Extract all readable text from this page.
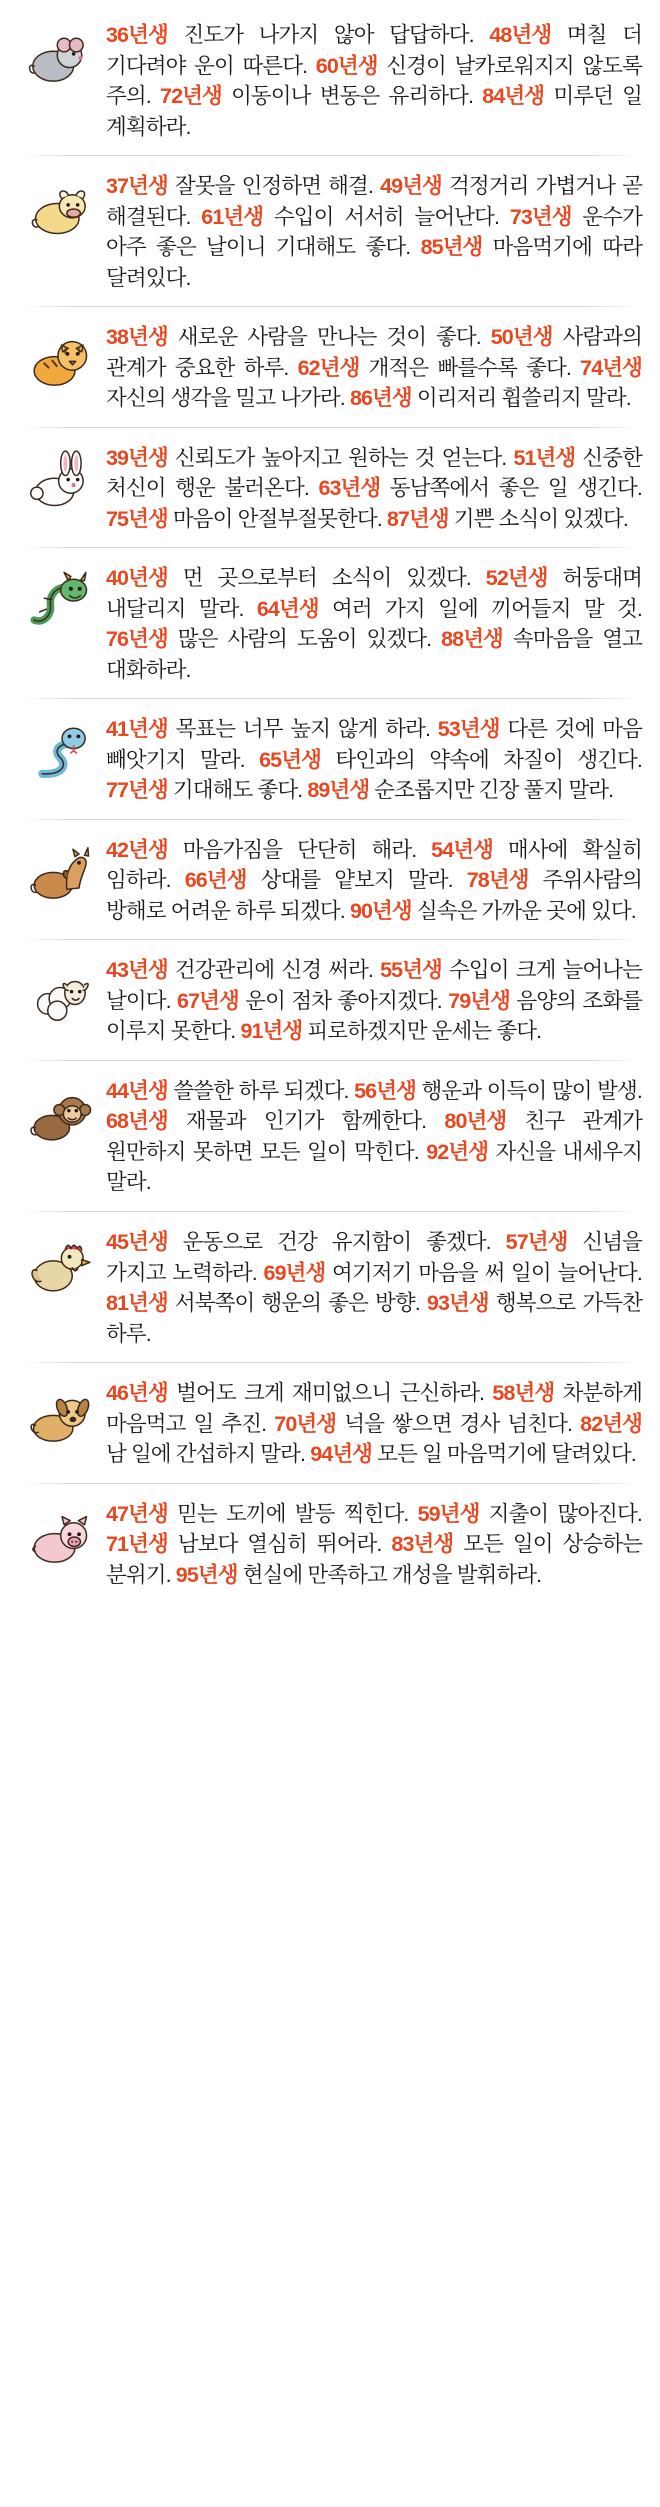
36년생 진도가 나가지 않아 답답하다. 48년생 며칠 더 기다려야 운이 따른다. 60년생 신경이 날카로워지지 않도록 주의. 72년생 이동이나 변동은 유리하다. 84년생 미루던 일 계획하라.

37년생 잘못을 인정하면 해결. 49년생 걱정거리 가볍거나 곧 해결된다. 61년생 수입이 서서히 늘어난다. 73년생 운수가 아주 좋은 날이니 기대해도 좋다. 85년생 마음먹기에 따라 달려있다.

38년생 새로운 사람을 만나는 것이 좋다. 50년생 사람과의 관계가 중요한 하루. 62년생 개적은 빠를수록 좋다. 74년생 자신의 생각을 밀고 나가라. 86년생 이리저리 휩쓸리지 말라.

39년생 신뢰도가 높아지고 원하는 것 얻는다. 51년생 신중한 처신이 행운 불러온다. 63년생 동남쪽에서 좋은 일 생긴다. 75년생 마음이 안절부절못한다. 87년생 기쁜 소식이 있겠다.

40년생 먼 곳으로부터 소식이 있겠다. 52년생 허둥대며 내달리지 말라. 64년생 여러 가지 일에 끼어들지 말 것. 76년생 많은 사람의 도움이 있겠다. 88년생 속마음을 열고 대화하라.

41년생 목표는 너무 높지 않게 하라. 53년생 다른 것에 마음 빼앗기지 말라. 65년생 타인과의 약속에 차질이 생긴다. 77년생 기대해도 좋다. 89년생 순조롭지만 긴장 풀지 말라.

42년생 마음가짐을 단단히 해라. 54년생 매사에 확실히 임하라. 66년생 상대를 얕보지 말라. 78년생 주위사람의 방해로 어려운 하루 되겠다. 90년생 실속은 가까운 곳에 있다.

43년생 건강관리에 신경 써라. 55년생 수입이 크게 늘어나는 날이다. 67년생 운이 점차 좋아지겠다. 79년생 음양의 조화를 이루지 못한다. 91년생 피로하겠지만 운세는 좋다.

44년생 쓸쓸한 하루 되겠다. 56년생 행운과 이득이 많이 발생. 68년생 재물과 인기가 함께한다. 80년생 친구 관계가 원만하지 못하면 모든 일이 막힌다. 92년생 자신을 내세우지 말라.

45년생 운동으로 건강 유지함이 좋겠다. 57년생 신념을 가지고 노력하라. 69년생 여기저기 마음을 써 일이 늘어난다. 81년생 서북쪽이 행운의 좋은 방향. 93년생 행복으로 가득찬 하루.

46년생 벌어도 크게 재미없으니 근신하라. 58년생 차분하게 마음먹고 일 추진. 70년생 넉을 쌓으면 경사 넘친다. 82년생 남 일에 간섭하지 말라. 94년생 모든 일 마음먹기에 달려있다.

47년생 믿는 도끼에 발등 찍힌다. 59년생 지출이 많아진다. 71년생 남보다 열심히 뛰어라. 83년생 모든 일이 상승하는 분위기. 95년생 현실에 만족하고 개성을 발휘하라.
